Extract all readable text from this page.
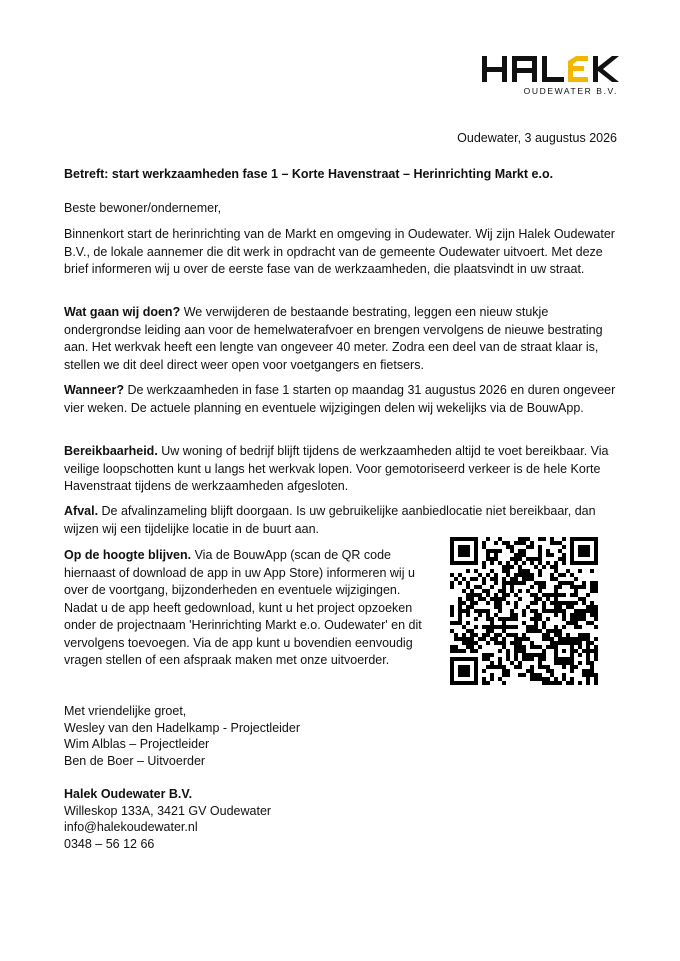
OUDEWATER B.V.
Oudewater, 3 augustus 2026
Betreft: start werkzaamheden fase 1 – Korte Havenstraat – Herinrichting Markt e.o.
Beste bewoner/ondernemer,

Binnenkort start de herinrichting van de Markt en omgeving in Oudewater. Wij zijn Halek Oudewater B.V., de lokale aannemer die dit werk in opdracht van de gemeente Oudewater uitvoert. Met deze brief informeren wij u over de eerste fase van de werkzaamheden, die plaatsvindt in uw straat.

Wat gaan wij doen? We verwijderen de bestaande bestrating, leggen een nieuw stukje ondergrondse leiding aan voor de hemelwaterafvoer en brengen vervolgens de nieuwe bestrating aan. Het werkvak heeft een lengte van ongeveer 40 meter. Zodra een deel van de straat klaar is, stellen we dit deel direct weer open voor voetgangers en fietsers.

Wanneer? De werkzaamheden in fase 1 starten op maandag 31 augustus 2026 en duren ongeveer vier weken. De actuele planning en eventuele wijzigingen delen wij wekelijks via de BouwApp.

Bereikbaarheid. Uw woning of bedrijf blijft tijdens de werkzaamheden altijd te voet bereikbaar. Via veilige loopschotten kunt u langs het werkvak lopen. Voor gemotoriseerd verkeer is de hele Korte Havenstraat tijdens de werkzaamheden afgesloten.

Afval. De afvalinzameling blijft doorgaan. Is uw gebruikelijke aanbiedlocatie niet bereikbaar, dan wijzen wij een tijdelijke locatie in de buurt aan.

Op de hoogte blijven. Via de BouwApp (scan de QR code hiernaast of download de app in uw App Store) informeren wij u over de voortgang, bijzonderheden en eventuele wijzigingen. Nadat u de app heeft gedownload, kunt u het project opzoeken onder de projectnaam 'Herinrichting Markt e.o. Oudewater' en dit vervolgens toevoegen. Via de app kunt u bovendien eenvoudig vragen stellen of een afspraak maken met onze uitvoerder.

Met vriendelijke groet,
Wesley van den Hadelkamp - Projectleider
Wim Alblas – Projectleider
Ben de Boer – Uitvoerder
Halek Oudewater B.V.
Willeskop 133A, 3421 GV Oudewater
info@halekoudewater.nl
0348 – 56 12 66
